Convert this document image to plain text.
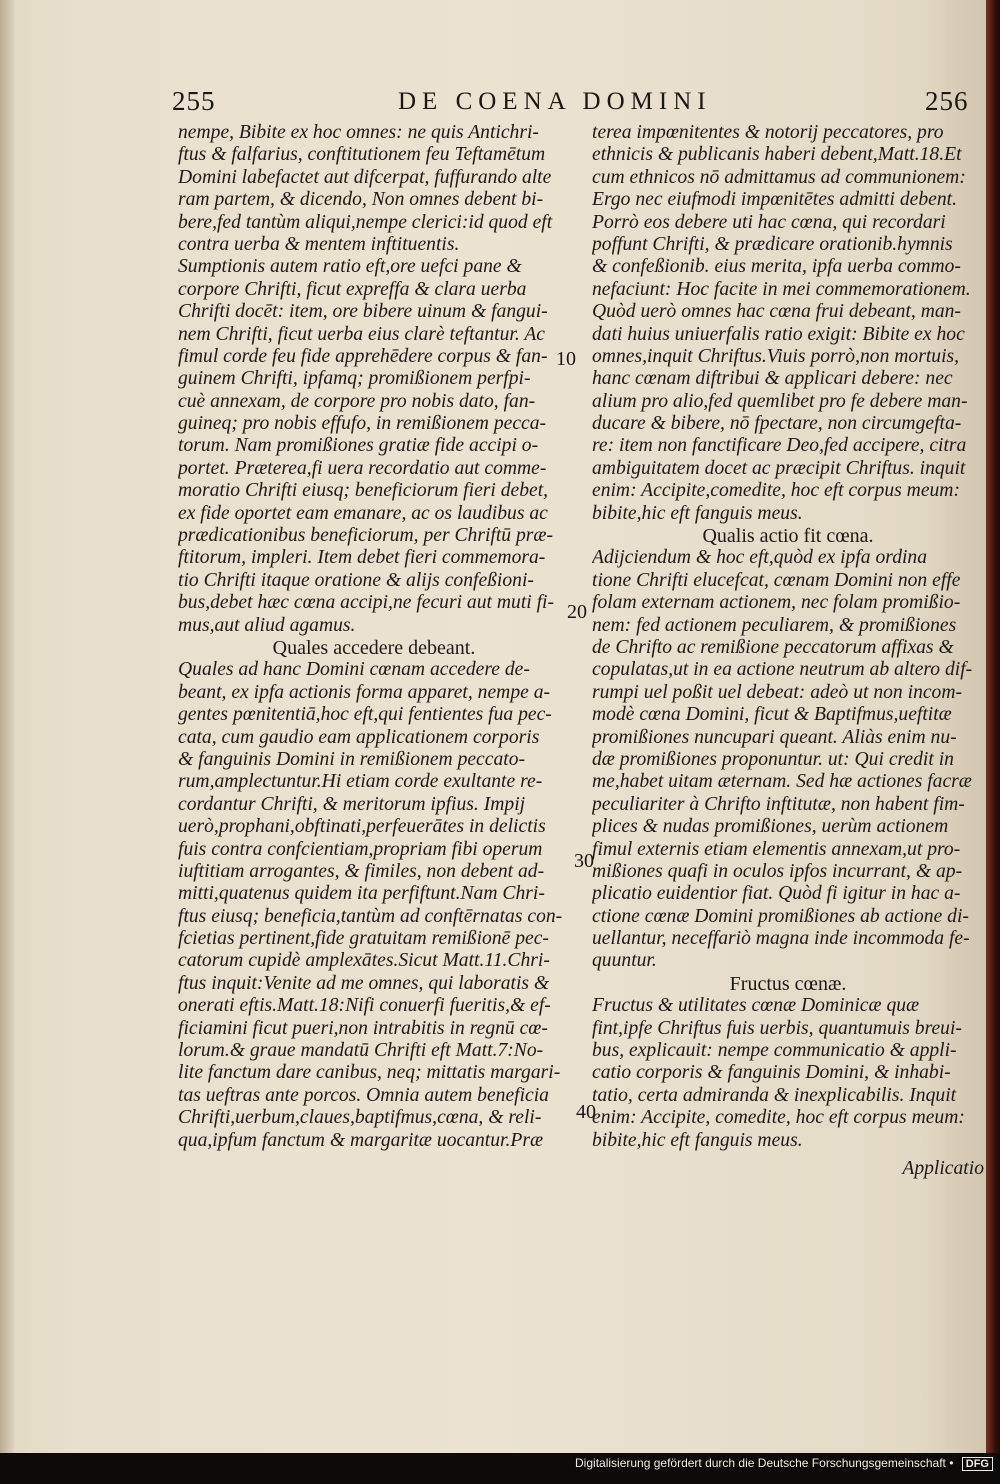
255	DE COENA DOMINI	256
nempe, Bibite ex hoc omnes: ne quis Antichri-
ftus & falfarius, conftitutionem feu Teftamētum
Domini labefactet aut difcerpat, fuffurando alte
ram partem, & dicendo, Non omnes debent bi-
bere,fed tantùm aliqui,nempe clerici:id quod eft
contra uerba & mentem inftituentis.
Sumptionis autem ratio eft,ore uefci pane &
corpore Chrifti, ficut expreffa & clara uerba
Chrifti docēt: item, ore bibere uinum & fangui-
nem Chrifti, ficut uerba eius clarè teftantur. Ac
fimul corde feu fide apprehēdere corpus & fan-
guinem Chrifti, ipfamq; promißionem perfpi-
cuè annexam, de corpore pro nobis dato, fan-
guineq; pro nobis effufo, in remißionem pecca-
torum. Nam promißiones gratiæ fide accipi o-
portet. Præterea,fi uera recordatio aut comme-
moratio Chrifti eiusq; beneficiorum fieri debet,
ex fide oportet eam emanare, ac os laudibus ac
prædicationibus beneficiorum, per Chriftū præ-
ftitorum, impleri. Item debet fieri commemora-
tio Chrifti itaque oratione & alijs confeßioni-
bus,debet hæc cœna accipi,ne fecuri aut muti fi-
mus,aut aliud agamus.
Quales accedere debeant.
Quales ad hanc Domini cœnam accedere de-
beant, ex ipfa actionis forma apparet, nempe a-
gentes pœnitentiā,hoc eft,qui fentientes fua pec-
cata, cum gaudio eam applicationem corporis
& fanguinis Domini in remißionem peccato-
rum,amplectuntur.Hi etiam corde exultante re-
cordantur Chrifti, & meritorum ipfius. Impij
uerò,prophani,obftinati,perfeuerātes in delictis
fuis contra confcientiam,propriam fibi operum
iuftitiam arrogantes, & fimiles, non debent ad-
mitti,quatenus quidem ita perfiftunt.Nam Chri-
ftus eiusq; beneficia,tantùm ad conftērnatas con-
fcietias pertinent,fide gratuitam remißionē pec-
catorum cupidè amplexātes.Sicut Matt.11.Chri-
ftus inquit:Venite ad me omnes, qui laboratis &
onerati eftis.Matt.18:Nifi conuerfi fueritis,& ef-
ficiamini ficut pueri,non intrabitis in regnū cœ-
lorum.& graue mandatū Chrifti eft Matt.7:No-
lite fanctum dare canibus, neq; mittatis margari-
tas ueftras ante porcos. Omnia autem beneficia
Chrifti,uerbum,claues,baptifmus,cœna, & reli-
qua,ipfum fanctum & margaritæ uocantur.Præ
terea impœnitentes & notorij peccatores, pro
ethnicis & publicanis haberi debent,Matt.18.Et
cum ethnicos nō admittamus ad communionem:
Ergo nec eiufmodi impœnitētes admitti debent.
Porrò eos debere uti hac cœna, qui recordari
poffunt Chrifti, & prædicare orationib.hymnis
& confeßionib. eius merita, ipfa uerba commo-
nefaciunt: Hoc facite in mei commemorationem.
Quòd uerò omnes hac cœna frui debeant, man-
dati huius uniuerfalis ratio exigit: Bibite ex hoc
omnes,inquit Chriftus.Viuis porrò,non mortuis,
hanc cœnam diftribui & applicari debere: nec
alium pro alio,fed quemlibet pro fe debere man-
ducare & bibere, nō fpectare, non circumgefta-
re: item non fanctificare Deo,fed accipere, citra
ambiguitatem docet ac præcipit Chriftus. inquit
enim: Accipite,comedite, hoc eft corpus meum:
bibite,hic eft fanguis meus.
Qualis actio fit cœna.
Adijciendum & hoc eft,quòd ex ipfa ordina
tione Chrifti elucefcat, cœnam Domini non effe
folam externam actionem, nec folam promißio-
nem: fed actionem peculiarem, & promißiones
de Chrifto ac remißione peccatorum affixas &
copulatas,ut in ea actione neutrum ab altero dif-
rumpi uel poßit uel debeat: adeò ut non incom-
modè cœna Domini, ficut & Baptifmus,ueftitæ
promißiones nuncupari queant. Aliàs enim nu-
dæ promißiones proponuntur. ut: Qui credit in
me,habet uitam æternam. Sed hæ actiones facræ
peculiariter à Chrifto inftitutæ, non habent fim-
plices & nudas promißiones, uerùm actionem
fimul externis etiam elementis annexam,ut pro-
mißiones quafi in oculos ipfos incurrant, & ap-
plicatio euidentior fiat. Quòd fi igitur in hac a-
ctione cœnæ Domini promißiones ab actione di-
uellantur, neceffariò magna inde incommoda fe-
quuntur.
Fructus cœnæ.
Fructus & utilitates cœnæ Dominicæ quæ
fint,ipfe Chriftus fuis uerbis, quantumuis breui-
bus, explicauit: nempe communicatio & appli-
catio corporis & fanguinis Domini, & inhabi-
tatio, certa admiranda & inexplicabilis. Inquit
enim: Accipite, comedite, hoc eft corpus meum:
bibite,hic eft fanguis meus.
Applicatio
10
20
30
40
Digitalisierung gefördert durch die Deutsche Forschungsgemeinschaft • DFG
